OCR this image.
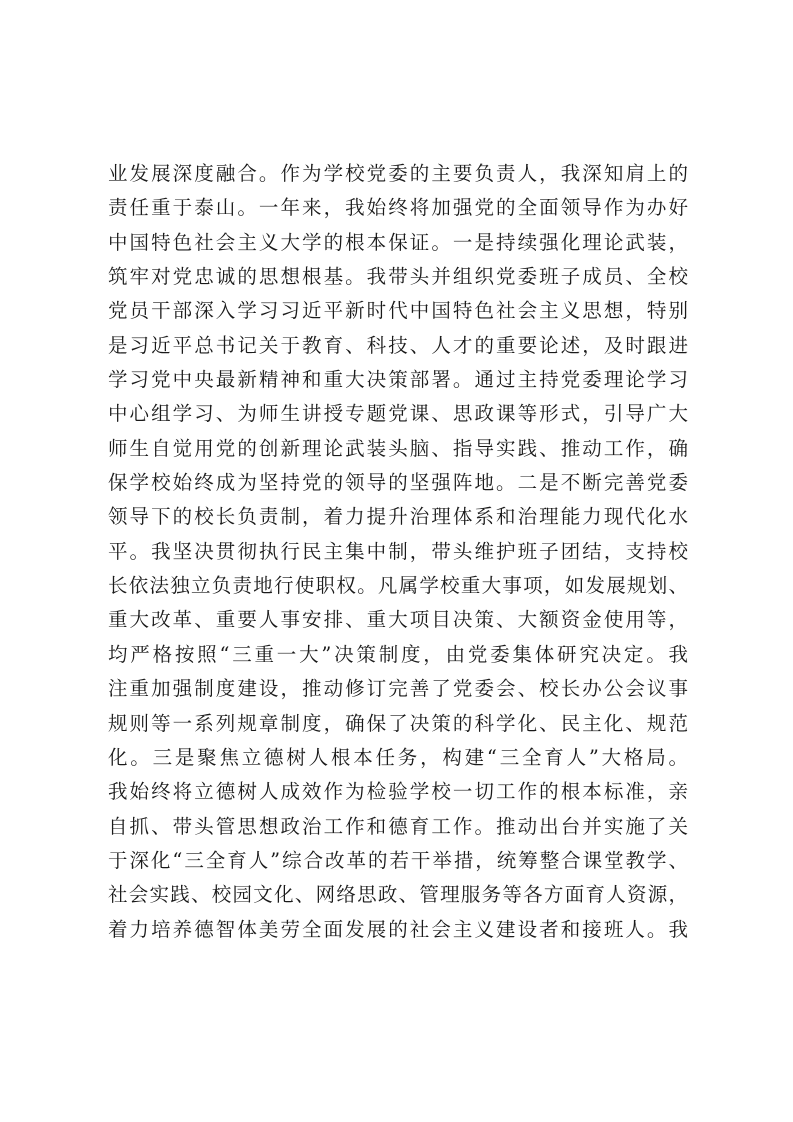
业发展深度融合。作为学校党委的主要负责人，我深知肩上的
责任重于泰山。一年来，我始终将加强党的全面领导作为办好
中国特色社会主义大学的根本保证。一是持续强化理论武装，
筑牢对党忠诚的思想根基。我带头并组织党委班子成员、全校
党员干部深入学习习近平新时代中国特色社会主义思想，特别
是习近平总书记关于教育、科技、人才的重要论述，及时跟进
学习党中央最新精神和重大决策部署。通过主持党委理论学习
中心组学习、为师生讲授专题党课、思政课等形式，引导广大
师生自觉用党的创新理论武装头脑、指导实践、推动工作，确
保学校始终成为坚持党的领导的坚强阵地。二是不断完善党委
领导下的校长负责制，着力提升治理体系和治理能力现代化水
平。我坚决贯彻执行民主集中制，带头维护班子团结，支持校
长依法独立负责地行使职权。凡属学校重大事项，如发展规划、
重大改革、重要人事安排、重大项目决策、大额资金使用等，
均严格按照“三重一大”决策制度，由党委集体研究决定。我
注重加强制度建设，推动修订完善了党委会、校长办公会议事
规则等一系列规章制度，确保了决策的科学化、民主化、规范
化。三是聚焦立德树人根本任务，构建“三全育人”大格局。
我始终将立德树人成效作为检验学校一切工作的根本标准，亲
自抓、带头管思想政治工作和德育工作。推动出台并实施了关
于深化“三全育人”综合改革的若干举措，统筹整合课堂教学、
社会实践、校园文化、网络思政、管理服务等各方面育人资源，
着力培养德智体美劳全面发展的社会主义建设者和接班人。我
